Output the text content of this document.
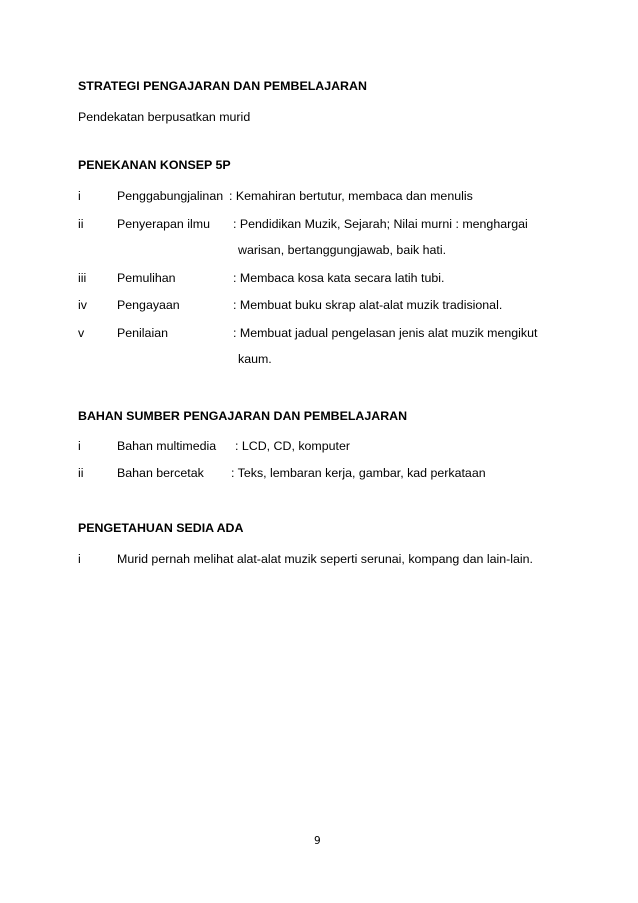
STRATEGI PENGAJARAN DAN PEMBELAJARAN
Pendekatan berpusatkan murid
PENEKANAN KONSEP 5P
i	Penggabungjalinan : Kemahiran bertutur, membaca dan menulis
ii	Penyerapan ilmu : Pendidikan Muzik, Sejarah; Nilai murni : menghargai
warisan, bertanggungjawab, baik hati.
iii Pemulihan	: Membaca kosa kata secara latih tubi.
iv Pengayaan	: Membuat buku skrap alat-alat muzik tradisional.
v	Penilaian	: Membuat jadual pengelasan jenis alat muzik mengikut
kaum.
BAHAN SUMBER PENGAJARAN DAN PEMBELAJARAN
i	Bahan multimedia : LCD, CD, komputer
ii	Bahan bercetak : Teks, lembaran kerja, gambar, kad perkataan
PENGETAHUAN SEDIA ADA
i	Murid pernah melihat alat-alat muzik seperti serunai, kompang dan lain-lain.
9
